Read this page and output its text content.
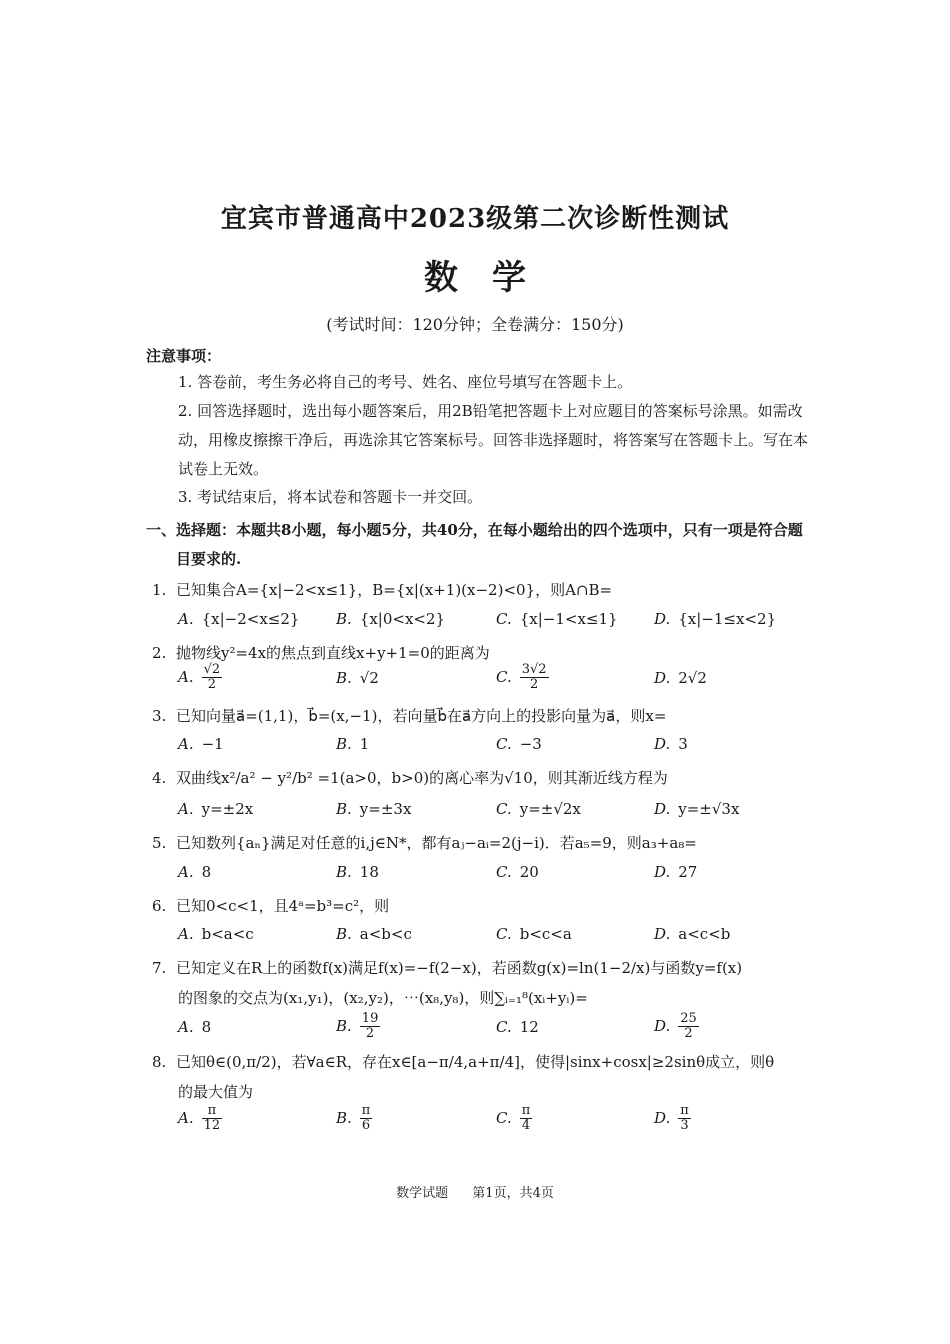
宜宾市普通高中2023级第二次诊断性测试
数学
(考试时间：120分钟；全卷满分：150分)
注意事项：
1. 答卷前，考生务必将自己的考号、姓名、座位号填写在答题卡上。
2. 回答选择题时，选出每小题答案后，用2B铅笔把答题卡上对应题目的答案标号涂黑。如需改动，用橡皮擦擦干净后，再选涂其它答案标号。回答非选择题时，将答案写在答题卡上。写在本试卷上无效。
3. 考试结束后，将本试卷和答题卡一并交回。
一、选择题：本题共8小题，每小题5分，共40分，在每小题给出的四个选项中，只有一项是符合题
目要求的.
1. 已知集合A={x|−2<x≤1}，B={x|(x+1)(x−2)<0}，则A∩B=
A. {x|−2<x≤2} B. {x|0<x<2}	C. {x|−1<x≤1} D. {x|−1≤x<2}
2. 抛物线y²=4x的焦点到直线x+y+1=0的距离为
A. $\frac{√2}{2}$	B. √2	C. $\frac{3√2}{2}$	D. 2√2
3. 已知向量a⃗=(1,1)，b⃗=(x,−1)，若向量b⃗在a⃗方向上的投影向量为a⃗，则x=
A. −1	B. 1	C. −3	D. 3
4. 双曲线x²/a² − y²/b² =1(a>0，b>0)的离心率为√10，则其渐近线方程为
A. y=±2x	B. y=±3x	C. y=±√2x	D. y=±√3x
5. 已知数列{aₙ}满足对任意的i,j∈N*，都有aⱼ−aᵢ=2(j−i)．若a₅=9，则a₃+a₈=
A. 8	B. 18	C. 20	D. 27
6. 已知0<c<1，且4ᵃ=b³=c²，则
A. b<a<c	B. a<b<c	C. b<c<a	D. a<c<b
7. 已知定义在R上的函数f(x)满足f(x)=−f(2−x)，若函数g(x)=ln(1−2/x)与函数y=f(x)
的图象的交点为(x₁,y₁)，(x₂,y₂)，⋯(x₈,y₈)，则∑ᵢ₌₁⁸(xᵢ+yᵢ)=
A. 8	B. $\frac{19}{2}$	C. 12	D. $\frac{25}{2}$
8. 已知θ∈(0,π/2)，若∀a∈R，存在x∈[a−π/4,a+π/4]，使得|sinx+cosx|≥2sinθ成立，则θ
的最大值为
A. $\frac{\pi}{12}$	B. $\frac{\pi}{6}$	C. $\frac{\pi}{4}$	D. $\frac{\pi}{3}$
数学试题 第1页，共4页
